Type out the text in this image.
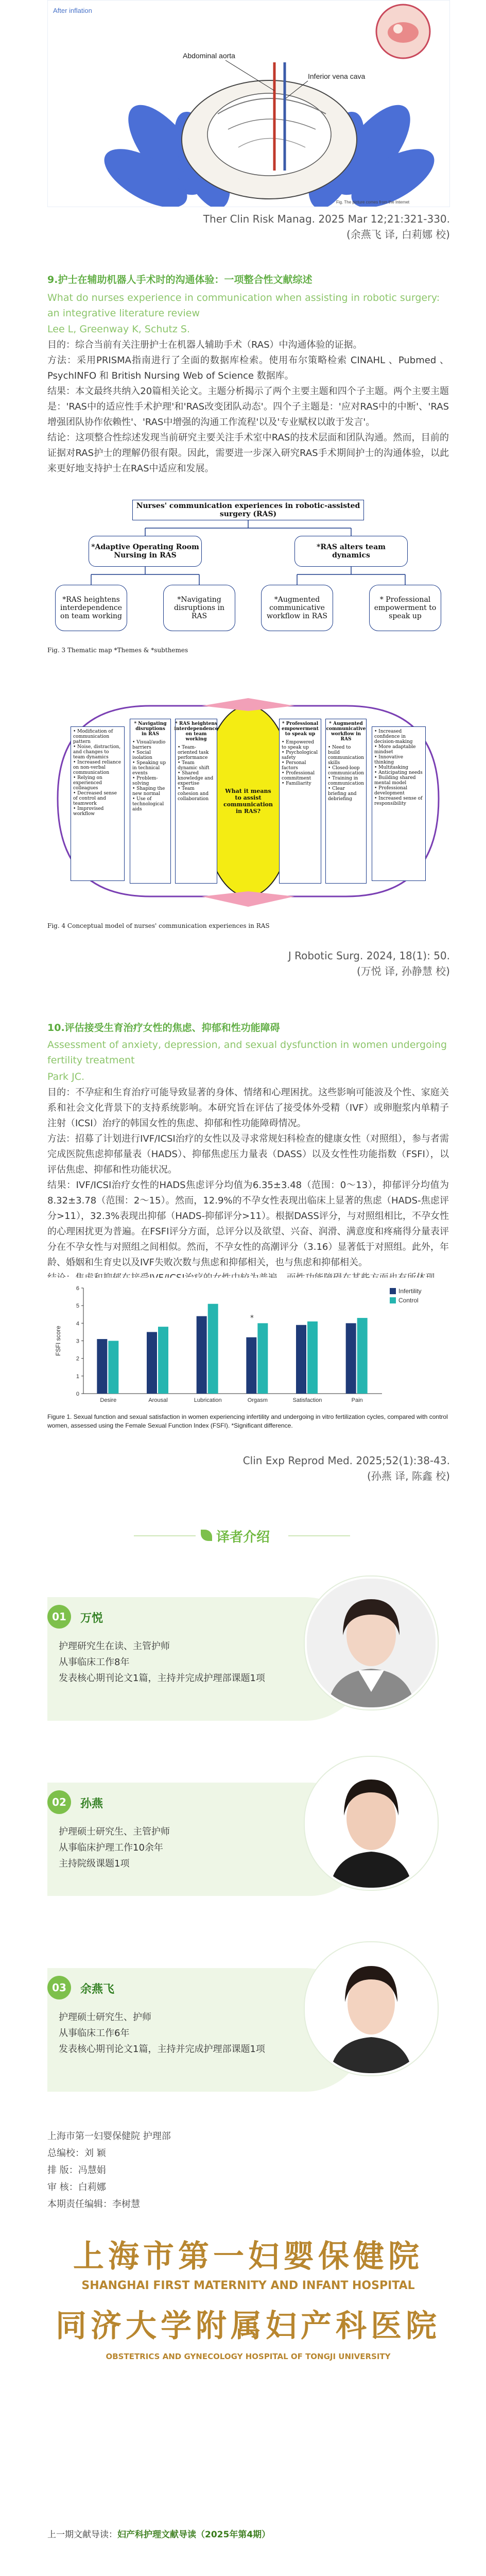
After inflation
Abdominal aorta
Inferior vena cava
Fig. The picture comes from the Internet
Ther Clin Risk Manag. 2025 Mar 12;21:321-330.
(余燕飞 译, 白莉娜 校)
9.护士在辅助机器人手术时的沟通体验：一项整合性文献综述
What do nurses experience in communication when assisting in robotic surgery: an integrative literature review
Lee L, Greenway K, Schutz S.

目的：综合当前有关注册护士在机器人辅助手术（RAS）中沟通体验的证据。

方法：采用PRISMA指南进行了全面的数据库检索。使用布尔策略检索 CINAHL 、Pubmed 、PsychINFO 和 British Nursing Web of Science 数据库。

结果：本文最终共纳入20篇相关论文。主题分析揭示了两个主要主题和四个子主题。两个主要主题是：'RAS中的适应性手术护理'和'RAS改变团队动态'。四个子主题是：'应对RAS中的中断'、'RAS增强团队协作依赖性'、'RAS中增强的沟通工作流程'以及'专业赋权以敢于发言'。

结论：这项整合性综述发现当前研究主要关注手术室中RAS的技术层面和团队沟通。然而，目前的证据对RAS护士的理解仍很有限。因此，需要进一步深入研究RAS手术期间护士的沟通体验，以此来更好地支持护士在RAS中适应和发展。

Nurses' communication experiences in robotic-assisted surgery (RAS)
*Adaptive Operating Room Nursing in RAS
*RAS alters team dynamics
*RAS heightens interdependence on team working
*Navigating disruptions in RAS
*Augmented communicative workflow in RAS
* Professional empowerment to speak up
Fig. 3 Thematic map *Themes & *subthemes
What it means to assist communication in RAS?
• Modification of communication pattern
• Noise, distraction, and changes to team dynamics
• Increased reliance on non-verbal communication
• Relying on experienced colleagues
• Decreased sense of control and teamwork
• Improvised workflow
* Navigating disruptions in RAS
• Visual/audio barriers
• Social isolation
• Speaking up in technical events
• Problem-solving
• Shaping the new normal
• Use of technological aids
* RAS heightens interdependence on team working
• Team-oriented task performance
• Team dynamic shift
• Shared knowledge and expertise
• Team cohesion and collaboration
* Professional empowerment to speak up
• Empowered to speak up
• Psychological safety
• Personal factors
• Professional commitment
• Familiarity
* Augmented communicative workflow in RAS
• Need to build communication skills
• Closed-loop communication
• Training in communication
• Clear briefing and debriefing
• Increased confidence in decision-making
• More adaptable mindset
• Innovative thinking
• Multitasking
• Anticipating needs
• Building shared mental model
• Professional development
• Increased sense of responsibility
Fig. 4 Conceptual model of nurses' communication experiences in RAS
J Robotic Surg. 2024, 18(1): 50.
(万悦 译, 孙静慧 校)
10.评估接受生育治疗女性的焦虑、抑郁和性功能障碍
Assessment of anxiety, depression, and sexual dysfunction in women undergoing fertility treatment
Park JC.

目的：不孕症和生育治疗可能导致显著的身体、情绪和心理困扰。这些影响可能波及个性、家庭关系和社会文化背景下的支持系统影响。本研究旨在评估了接受体外受精（IVF）或卵胞浆内单精子注射（ICSI）治疗的韩国女性的焦虑、抑郁和性功能障碍情况。

方法：招募了计划进行IVF/ICSI治疗的女性以及寻求常规妇科检查的健康女性（对照组），参与者需完成医院焦虑抑郁量表（HADS）、抑郁焦虑压力量表（DASS）以及女性性功能指数（FSFI），以评估焦虑、抑郁和性功能状况。

结果：IVF/ICSI治疗女性的HADS焦虑评分均值为6.35±3.48（范围：0～13），抑郁评分均值为8.32±3.78（范围：2～15）。然而，12.9%的不孕女性表现出临床上显著的焦虑（HADS-焦虑评分>11），32.3%表现出抑郁（HADS-抑郁评分>11）。根据DASS评分，与对照组相比，不孕女性的心理困扰更为普遍。在FSFI评分方面，总评分以及欲望、兴奋、润滑、满意度和疼痛得分量表评分在不孕女性与对照组之间相似。然而，不孕女性的高潮评分（3.16）显著低于对照组。此外，年龄、婚姻和生育史以及IVF失败次数与焦虑和抑郁相关，也与焦虑和抑郁相关。

0
1
2
3
4
5
6
FSFI score
Desire	Arousal	Lubrication	Orgasm	Satisfaction	Pain
*
Infertility
Control
Figure 1. Sexual function and sexual satisfaction in women experiencing infertility and undergoing in vitro fertilization cycles, compared with control women, assessed using the Female Sexual Function Index (FSFI). *Significant difference.
Clin Exp Reprod Med. 2025;52(1):38-43.
(孙燕 译, 陈鑫 校)
译者介绍
01	万悦
护理研究生在读、主管护师
从事临床工作8年
发表核心期刊论文1篇，主持并完成护理部课题1项
02	孙燕
护理硕士研究生、主管护师
从事临床护理工作10余年
主持院级课题1项
03	余燕飞
护理硕士研究生、护师
从事临床工作6年
发表核心期刊论文1篇，主持并完成护理部课题1项
上海市第一妇婴保健院 护理部
总编校：刘 颖
排 版：冯慧娟
审 核：白莉娜
本期责任编辑：李树慧
上海市第一妇婴保健院
SHANGHAI FIRST MATERNITY AND INFANT HOSPITAL
同济大学附属妇产科医院
OBSTETRICS AND GYNECOLOGY HOSPITAL OF TONGJI UNIVERSITY
上一期文献导读：妇产科护理文献导读（2025年第4期）
